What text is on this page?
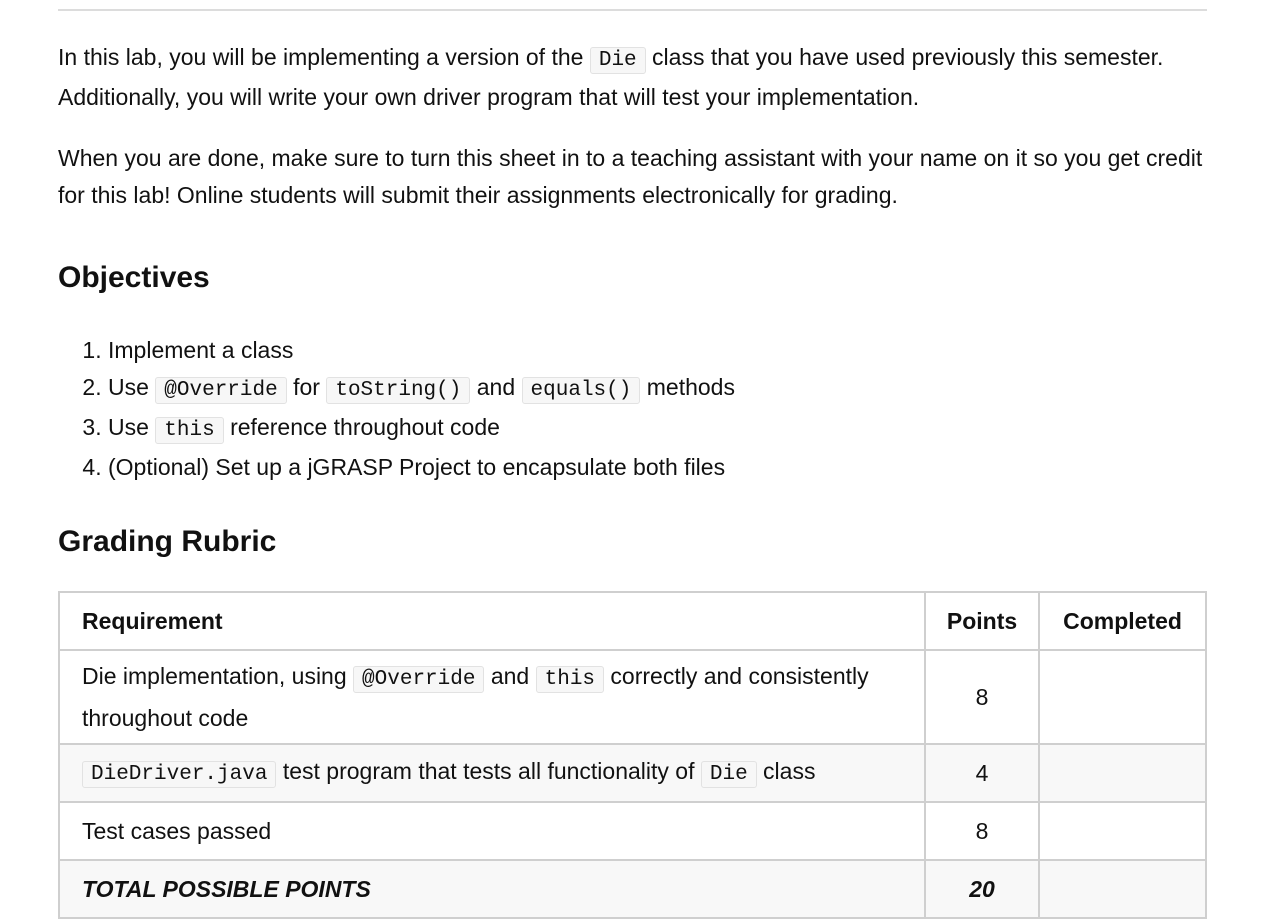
In this lab, you will be implementing a version of the Die class that you have used previously this semester. Additionally, you will write your own driver program that will test your implementation.

When you are done, make sure to turn this sheet in to a teaching assistant with your name on it so you get credit for this lab! Online students will submit their assignments electronically for grading.

Objectives
1. Implement a class
2. Use @Override for toString() and equals() methods
3. Use this reference throughout code
4. (Optional) Set up a jGRASP Project to encapsulate both files
Grading Rubric
Requirement	Points	Completed
Die implementation, using @Override and this correctly and consistently throughout code	8	
DieDriver.java test program that tests all functionality of Die class	4	
Test cases passed	8	
TOTAL POSSIBLE POINTS	20	
